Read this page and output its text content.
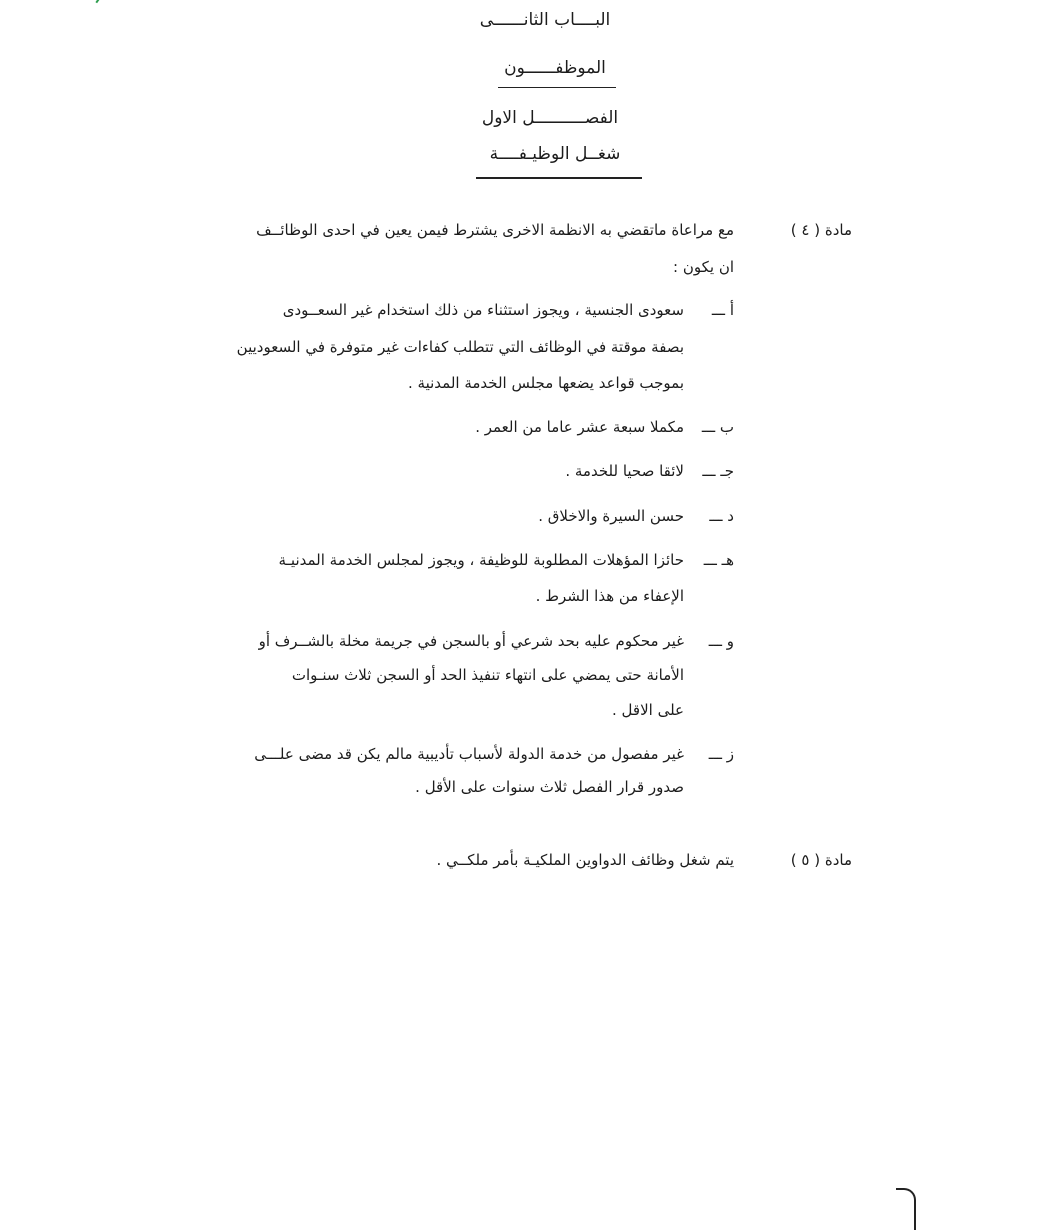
البــــاب الثانــــــى
الموظفــــــون
الفصــــــــــل الاول
شغــل الوظيـفــــة
مادة ( ٤ )
مع مراعاة ماتقضي به الانظمة الاخرى يشترط فيمن يعين في احدى الوظائــف
ان يكون :
أ ـــ
سعودى الجنسية ، ويجوز استثناء من ذلك استخدام غير السعــودى
بصفة موقتة في الوظائف التي تتطلب كفاءات غير متوفرة في السعوديين
بموجب قواعد يضعها مجلس الخدمة المدنية .
ب ـــ
مكملا سبعة عشر عاما من العمر .
جـ ـــ
لائقا صحيا للخدمة .
د ـــ
حسن السيرة والاخلاق .
هـ ـــ
حائزا المؤهلات المطلوبة للوظيفة ، ويجوز لمجلس الخدمة المدنيـة
الإعفاء من هذا الشرط .
و ـــ
غير محكوم عليه بحد شرعي أو بالسجن في جريمة مخلة بالشــرف أو
الأمانة حتى يمضي على انتهاء تنفيذ الحد أو السجن ثلاث سنـوات
على الاقل .
ز ـــ
غير مفصول من خدمة الدولة لأسباب تأديبية مالم يكن قد مضى علـــى
صدور قرار الفصل ثلاث سنوات على الأقل .
مادة ( ٥ )
يتم شغل وظائف الدواوين الملكيـة بأمر ملكــي .
